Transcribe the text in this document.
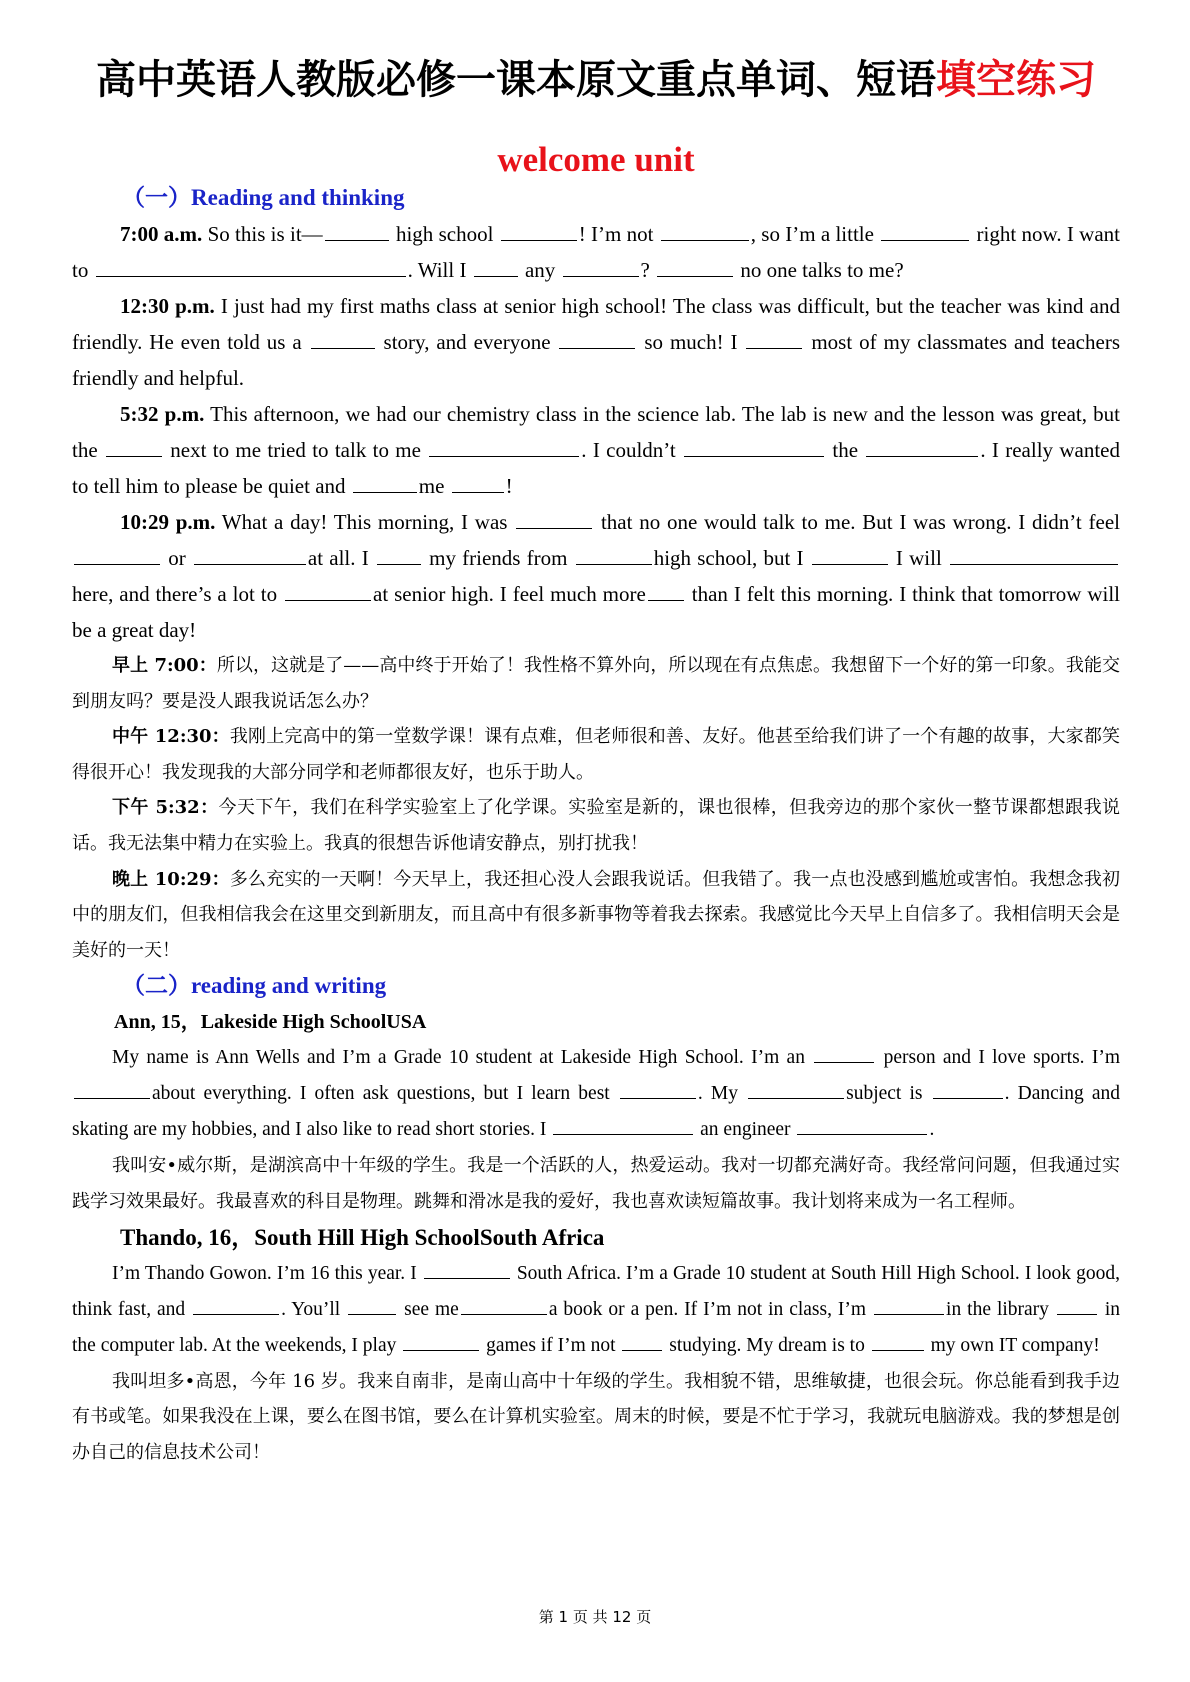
高中英语人教版必修一课本原文重点单词、短语填空练习
welcome unit
（一）Reading and thinking

7:00 a.m. So this is it—	high school	! I’m not	, so I’m a little	right now. I want to	. Will I  any	?	no one talks to me?

12:30 p.m. I just had my first maths class at senior high school! The class was difficult, but the teacher was kind and friendly. He even told us a	story, and everyone	so much! I	most of my classmates and teachers friendly and helpful.

5:32 p.m. This afternoon, we had our chemistry class in the science lab. The lab is new and the lesson was great, but the	next to me tried to talk to me	. I couldn’t	the	. I really wanted to tell him to please be quiet and	me	!

10:29 p.m. What a day! This morning, I was	that no one would talk to me. But I was wrong. I didn’t feel or	at all. I  my friends from	high school, but I	I will  here, and there’s a lot to	at senior high. I feel much more than I felt this morning. I think that tomorrow will be a great day!

早上 7:00：所以，这就是了——高中终于开始了！我性格不算外向，所以现在有点焦虑。我想留下一个好的第一印象。我能交到朋友吗？要是没人跟我说话怎么办？

中午 12:30：我刚上完高中的第一堂数学课！课有点难，但老师很和善、友好。他甚至给我们讲了一个有趣的故事，大家都笑得很开心！我发现我的大部分同学和老师都很友好，也乐于助人。

下午 5:32：今天下午，我们在科学实验室上了化学课。实验室是新的，课也很棒，但我旁边的那个家伙一整节课都想跟我说话。我无法集中精力在实验上。我真的很想告诉他请安静点，别打扰我！

晚上 10:29：多么充实的一天啊！今天早上，我还担心没人会跟我说话。但我错了。我一点也没感到尴尬或害怕。我想念我初中的朋友们，但我相信我会在这里交到新朋友，而且高中有很多新事物等着我去探索。我感觉比今天早上自信多了。我相信明天会是美好的一天！

（二）reading and writing
Ann, 15，Lakeside High SchoolUSA

My name is Ann Wells and I’m a Grade 10 student at Lakeside High School. I’m an	person and I love sports. I’m about everything. I often ask questions, but I learn best	. My	subject is	. Dancing and skating are my hobbies, and I also like to read short stories. I	an engineer	.

我叫安•威尔斯，是湖滨高中十年级的学生。我是一个活跃的人，热爱运动。我对一切都充满好奇。我经常问问题，但我通过实践学习效果最好。我最喜欢的科目是物理。跳舞和滑冰是我的爱好，我也喜欢读短篇故事。我计划将来成为一名工程师。

Thando, 16，South Hill High SchoolSouth Africa

I’m Thando Gowon. I’m 16 this year. I	South Africa. I’m a Grade 10 student at South Hill High School. I look good, think fast, and	. You’ll	see me	a book or a pen. If I’m not in class, I’m	in the library  in the computer lab. At the weekends, I play	games if I’m not  studying. My dream is to	my own IT company!

我叫坦多•高恩，今年 16 岁。我来自南非，是南山高中十年级的学生。我相貌不错，思维敏捷，也很会玩。你总能看到我手边有书或笔。如果我没在上课，要么在图书馆，要么在计算机实验室。周末的时候，要是不忙于学习，我就玩电脑游戏。我的梦想是创办自己的信息技术公司！

第 1 页 共 12 页
